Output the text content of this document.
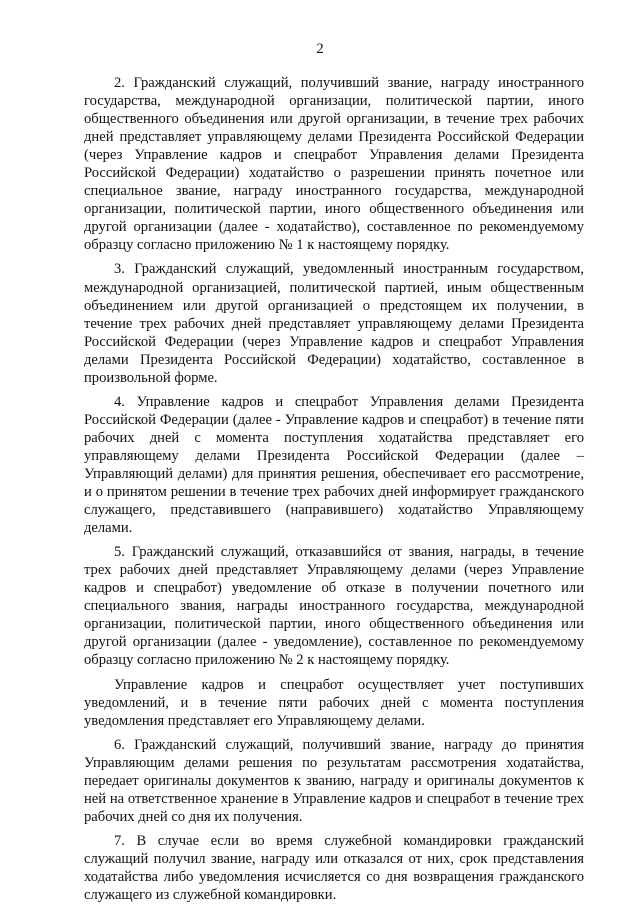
2

2. Гражданский служащий, получивший звание, награду иностранного государства, международной организации, политической партии, иного общественного объединения или другой организации, в течение трех рабочих дней представляет управляющему делами Президента Российской Федерации (через Управление кадров и спецработ Управления делами Президента Российской Федерации) ходатайство о разрешении принять почетное или специальное звание, награду иностранного государства, международной организации, политической партии, иного общественного объединения или другой организации (далее - ходатайство), составленное по рекомендуемому образцу согласно приложению № 1 к настоящему порядку.

3. Гражданский служащий, уведомленный иностранным государством, международной организацией, политической партией, иным общественным объединением или другой организацией о предстоящем их получении, в течение трех рабочих дней представляет управляющему делами Президента Российской Федерации (через Управление кадров и спецработ Управления делами Президента Российской Федерации) ходатайство, составленное в произвольной форме.

4. Управление кадров и спецработ Управления делами Президента Российской Федерации (далее - Управление кадров и спецработ) в течение пяти рабочих дней с момента поступления ходатайства представляет его управляющему делами Президента Российской Федерации (далее – Управляющий делами) для принятия решения, обеспечивает его рассмотрение, и о принятом решении в течение трех рабочих дней информирует гражданского служащего, представившего (направившего) ходатайство Управляющему делами.

5. Гражданский служащий, отказавшийся от звания, награды, в течение трех рабочих дней представляет Управляющему делами (через Управление кадров и спецработ) уведомление об отказе в получении почетного или специального звания, награды иностранного государства, международной организации, политической партии, иного общественного объединения или другой организации (далее - уведомление), составленное по рекомендуемому образцу согласно приложению № 2 к настоящему порядку.

Управление кадров и спецработ осуществляет учет поступивших уведомлений, и в течение пяти рабочих дней с момента поступления уведомления представляет его Управляющему делами.

6. Гражданский служащий, получивший звание, награду до принятия Управляющим делами решения по результатам рассмотрения ходатайства, передает оригиналы документов к званию, награду и оригиналы документов к ней на ответственное хранение в Управление кадров и спецработ в течение трех рабочих дней со дня их получения.

7. В случае если во время служебной командировки гражданский служащий получил звание, награду или отказался от них, срок представления ходатайства либо уведомления исчисляется со дня возвращения гражданского служащего из служебной командировки.
